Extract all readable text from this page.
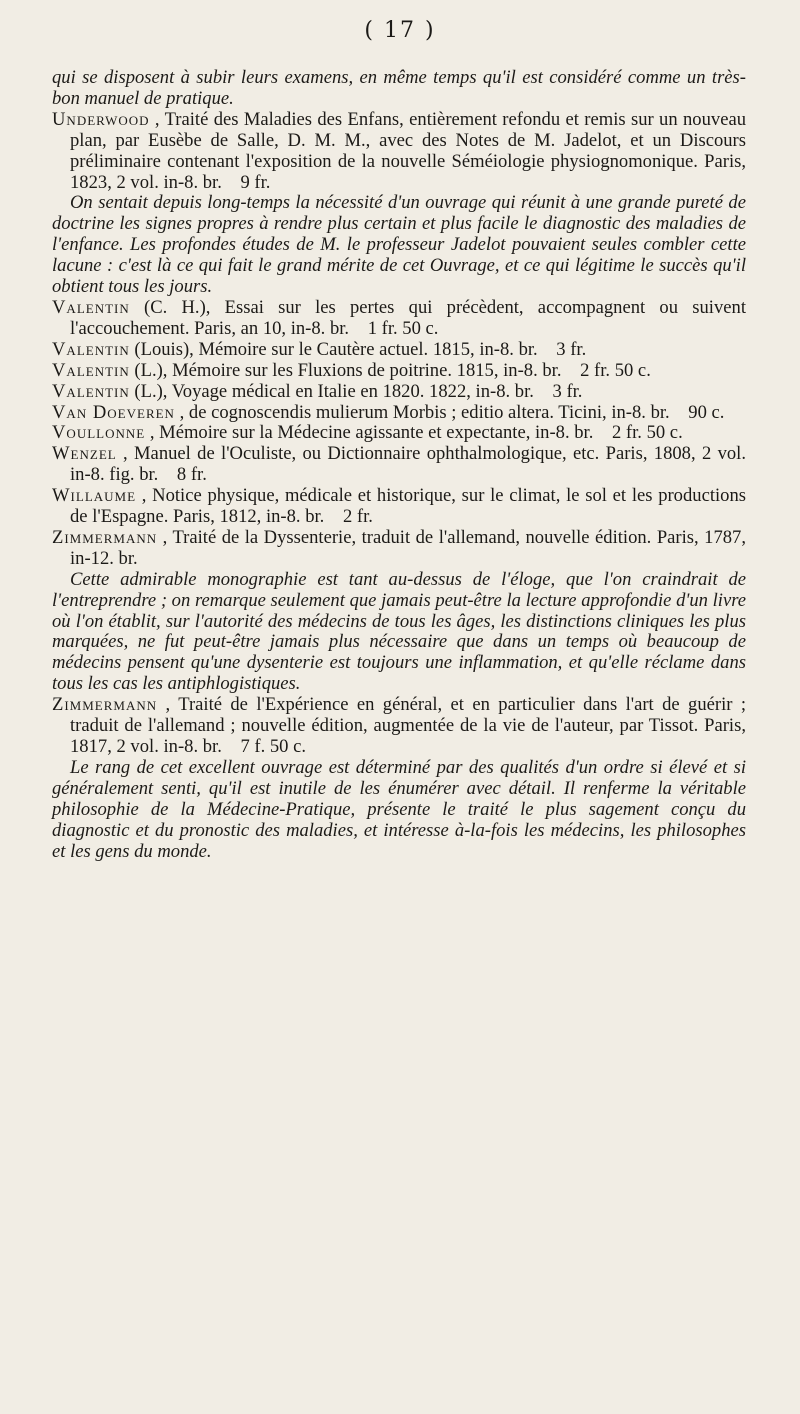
( 17 )

qui se disposent à subir leurs examens, en même temps qu'il est considéré comme un très-bon manuel de pratique.

Underwood , Traité des Maladies des Enfans, entièrement refondu et remis sur un nouveau plan, par Eusèbe de Salle, D. M. M., avec des Notes de M. Jadelot, et un Discours préliminaire contenant l'exposition de la nouvelle Séméiologie physiognomonique. Paris, 1823, 2 vol. in-8. br.  9 fr.

On sentait depuis long-temps la nécessité d'un ouvrage qui réunit à une grande pureté de doctrine les signes propres à rendre plus certain et plus facile le diagnostic des maladies de l'enfance. Les profondes études de M. le professeur Jadelot pouvaient seules combler cette lacune : c'est là ce qui fait le grand mérite de cet Ouvrage, et ce qui légitime le succès qu'il obtient tous les jours.

Valentin (C. H.), Essai sur les pertes qui précèdent, accompagnent ou suivent l'accouchement. Paris, an 10, in-8. br.  1 fr. 50 c.

Valentin (Louis), Mémoire sur le Cautère actuel. 1815, in-8. br.  3 fr.

Valentin (L.), Mémoire sur les Fluxions de poitrine. 1815, in-8. br.  2 fr. 50 c.

Valentin (L.), Voyage médical en Italie en 1820. 1822, in-8. br.  3 fr.

Van Doeveren , de cognoscendis mulierum Morbis ; editio altera. Ticini, in-8. br.  90 c.

Voullonne , Mémoire sur la Médecine agissante et expectante, in-8. br.  2 fr. 50 c.

Wenzel , Manuel de l'Oculiste, ou Dictionnaire ophthalmologique, etc. Paris, 1808, 2 vol. in-8. fig. br.  8 fr.

Willaume , Notice physique, médicale et historique, sur le climat, le sol et les productions de l'Espagne. Paris, 1812, in-8. br.  2 fr.

Zimmermann , Traité de la Dyssenterie, traduit de l'allemand, nouvelle édition. Paris, 1787, in-12. br.

Cette admirable monographie est tant au-dessus de l'éloge, que l'on craindrait de l'entreprendre ; on remarque seulement que jamais peut-être la lecture approfondie d'un livre où l'on établit, sur l'autorité des médecins de tous les âges, les distinctions cliniques les plus marquées, ne fut peut-être jamais plus nécessaire que dans un temps où beaucoup de médecins pensent qu'une dysenterie est toujours une inflammation, et qu'elle réclame dans tous les cas les antiphlogistiques.

Zimmermann , Traité de l'Expérience en général, et en particulier dans l'art de guérir ; traduit de l'allemand ; nouvelle édition, augmentée de la vie de l'auteur, par Tissot. Paris, 1817, 2 vol. in-8. br.  7 f. 50 c.

Le rang de cet excellent ouvrage est déterminé par des qualités d'un ordre si élevé et si généralement senti, qu'il est inutile de les énumérer avec détail. Il renferme la véritable philosophie de la Médecine-Pratique, présente le traité le plus sagement conçu du diagnostic et du pronostic des maladies, et intéresse à-la-fois les médecins, les philosophes et les gens du monde.
